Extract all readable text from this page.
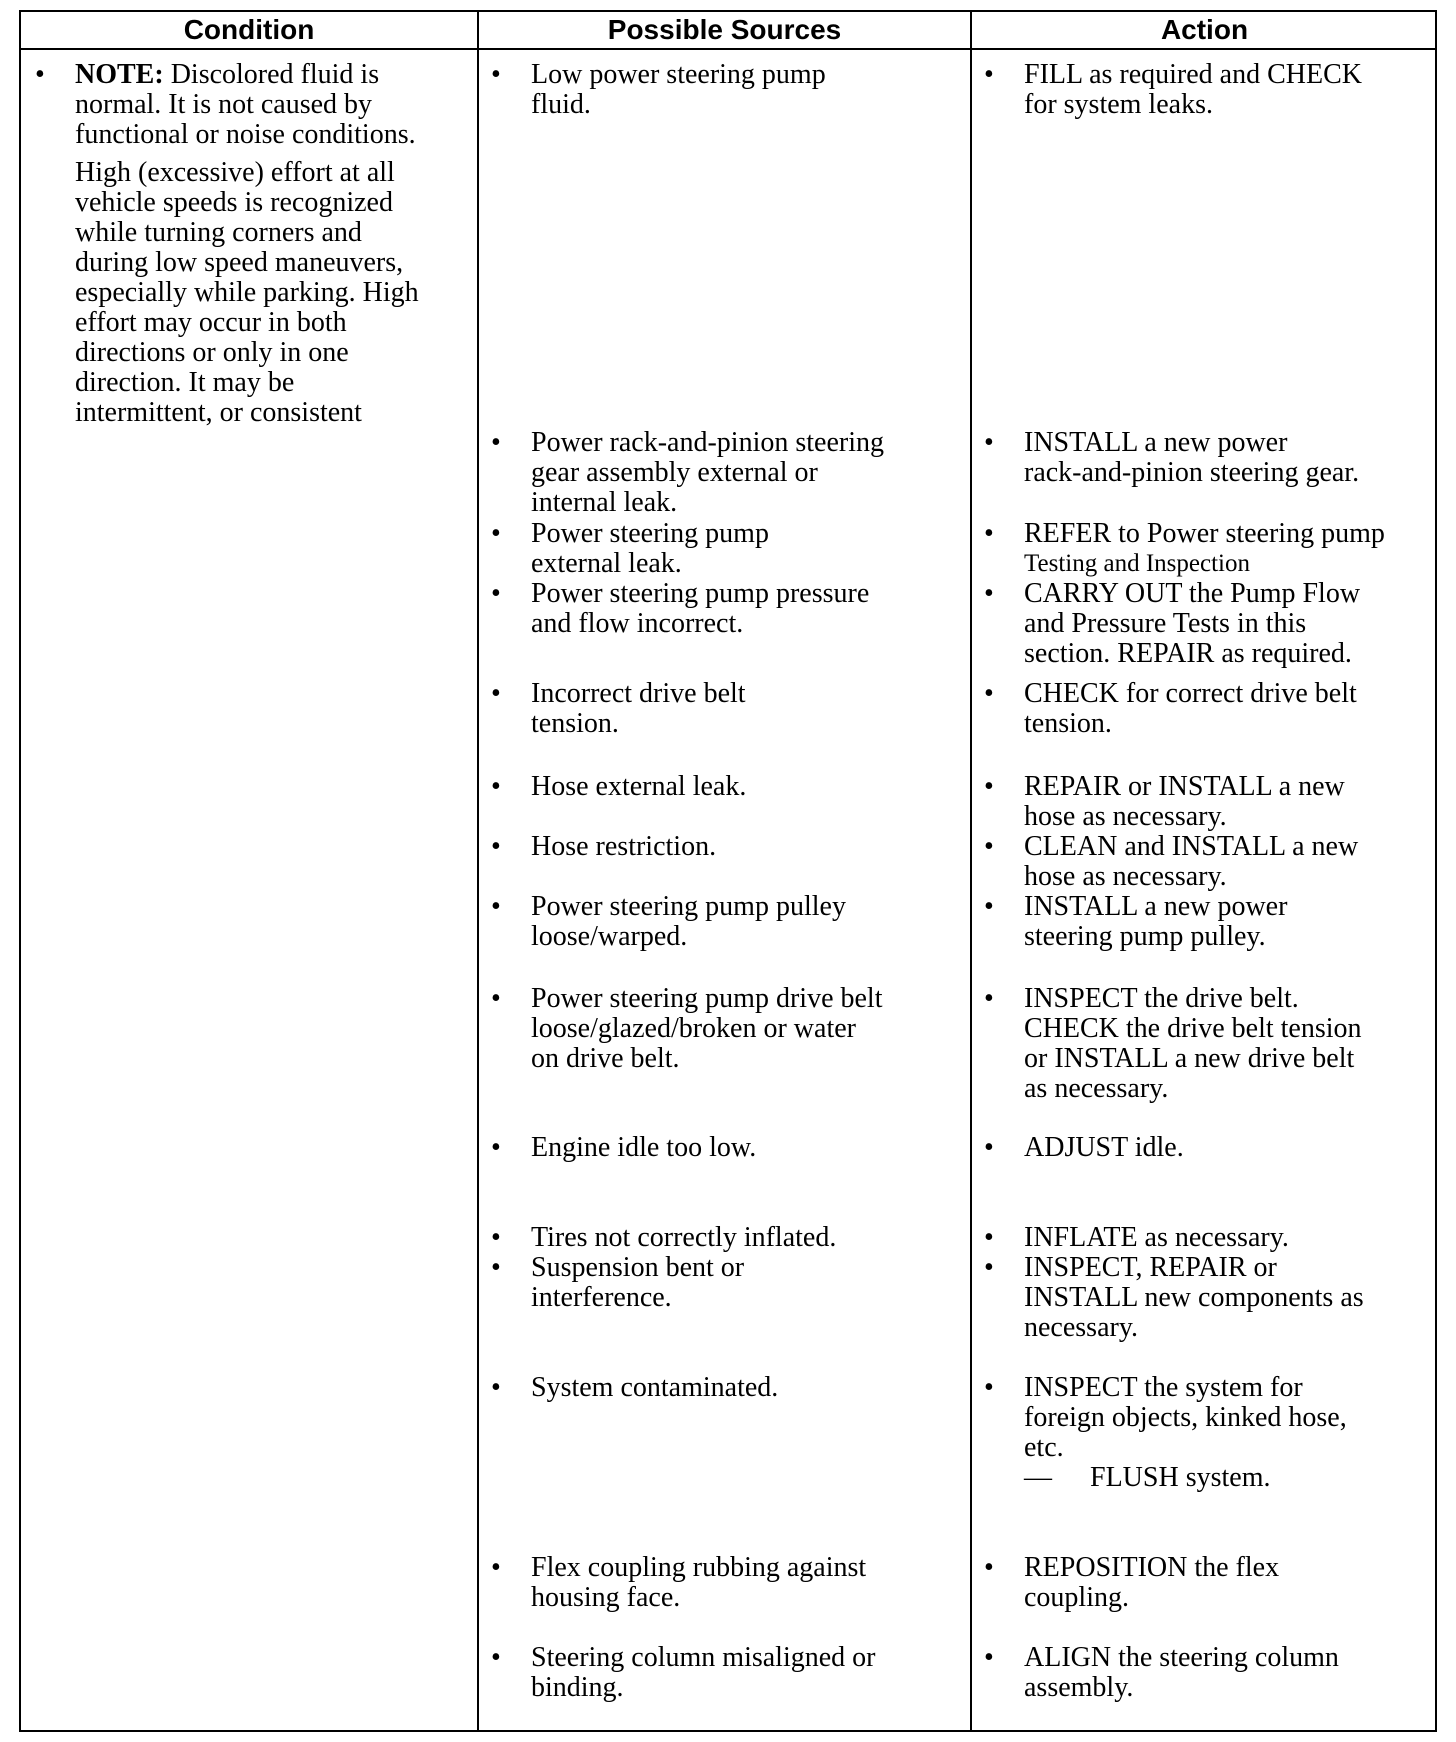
Condition	Possible Sources	Action
• NOTE: Discolored fluid is
normal. It is not caused by
functional or noise conditions.
High (excessive) effort at all
vehicle speeds is recognized
while turning corners and
during low speed maneuvers,
especially while parking. High
effort may occur in both
directions or only in one
direction. It may be
intermittent, or consistent
• Low power steering pump
fluid.
• Power rack-and-pinion steering
gear assembly external or
internal leak.
• Power steering pump
external leak.
• Power steering pump pressure
and flow incorrect.
• Incorrect drive belt
tension.
• Hose external leak.
• Hose restriction.
• Power steering pump pulley
loose/warped.
• Power steering pump drive belt
loose/glazed/broken or water
on drive belt.
• Engine idle too low.
• Tires not correctly inflated.
• Suspension bent or
interference.
• System contaminated.
• Flex coupling rubbing against
housing face.
• Steering column misaligned or
binding.
• FILL as required and CHECK
for system leaks.
• INSTALL a new power
rack-and-pinion steering gear.
• REFER to Power steering pump
Testing and Inspection
• CARRY OUT the Pump Flow
and Pressure Tests in this
section. REPAIR as required.
• CHECK for correct drive belt
tension.
• REPAIR or INSTALL a new
hose as necessary.
• CLEAN and INSTALL a new
hose as necessary.
• INSTALL a new power
steering pump pulley.
• INSPECT the drive belt.
CHECK the drive belt tension
or INSTALL a new drive belt
as necessary.
• ADJUST idle.
• INFLATE as necessary.
• INSPECT, REPAIR or
INSTALL new components as
necessary.
• INSPECT the system for
foreign objects, kinked hose,
etc.
• REPOSITION the flex
coupling.
• ALIGN the steering column
assembly.
— FLUSH system.
